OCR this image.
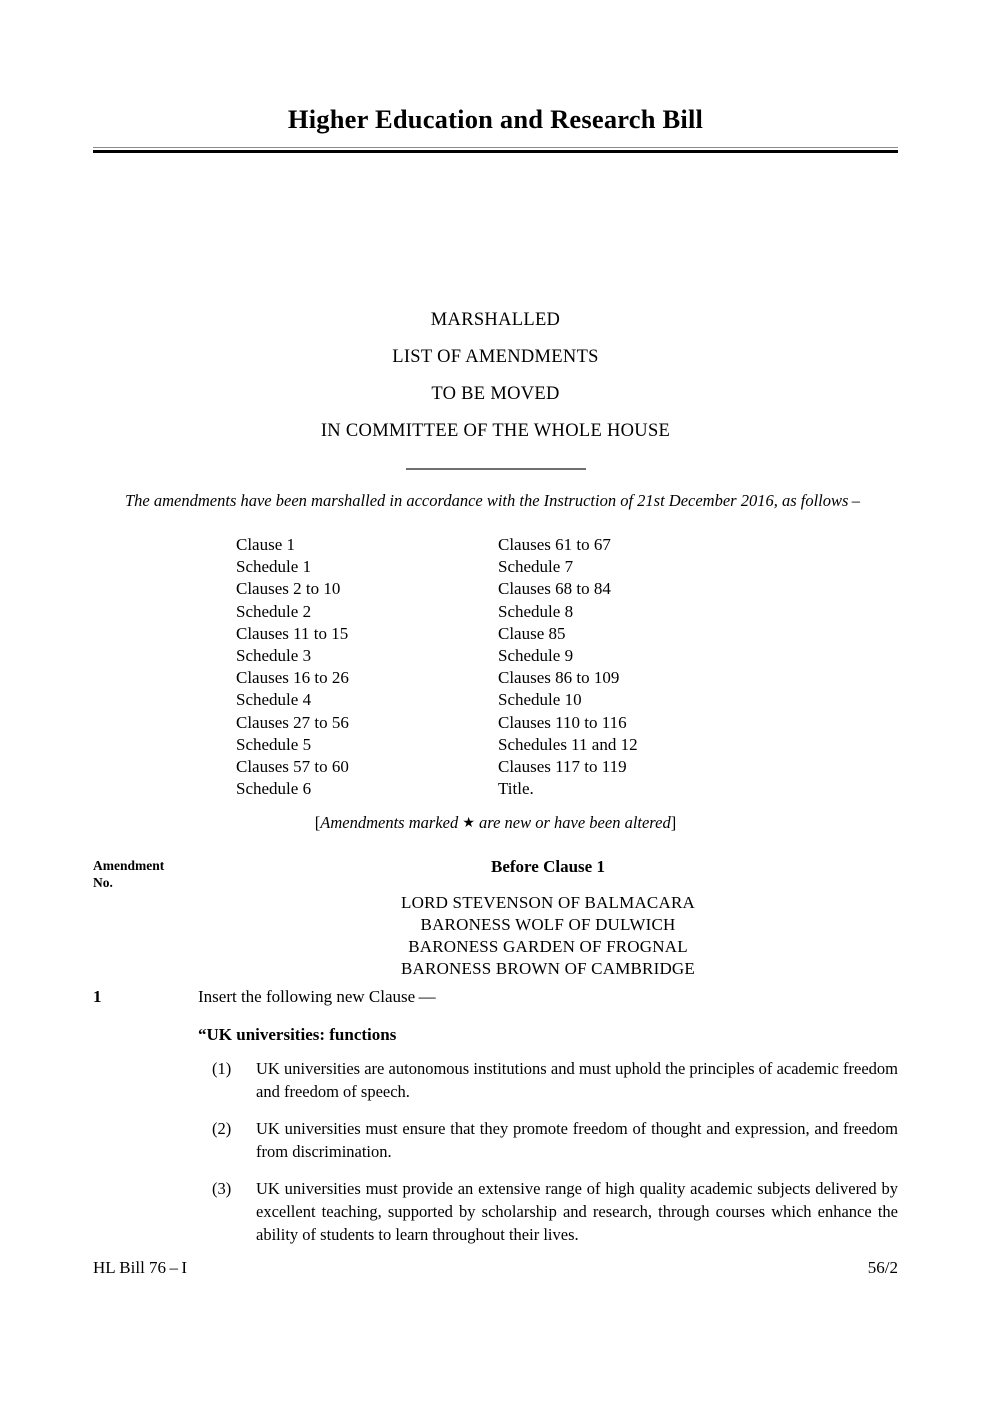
Higher Education and Research Bill
MARSHALLED
LIST OF AMENDMENTS
TO BE MOVED
IN COMMITTEE OF THE WHOLE HOUSE
The amendments have been marshalled in accordance with the Instruction of 21st December 2016, as follows –
Clause 1
Schedule 1
Clauses 2 to 10
Schedule 2
Clauses 11 to 15
Schedule 3
Clauses 16 to 26
Schedule 4
Clauses 27 to 56
Schedule 5
Clauses 57 to 60
Schedule 6
Clauses 61 to 67
Schedule 7
Clauses 68 to 84
Schedule 8
Clause 85
Schedule 9
Clauses 86 to 109
Schedule 10
Clauses 110 to 116
Schedules 11 and 12
Clauses 117 to 119
Title.
[Amendments marked ★ are new or have been altered]
Amendment
No.
Before Clause 1
LORD STEVENSON OF BALMACARA
BARONESS WOLF OF DULWICH
BARONESS GARDEN OF FROGNAL
BARONESS BROWN OF CAMBRIDGE
1	Insert the following new Clause —
“UK universities: functions
(1)	UK universities are autonomous institutions and must uphold the principles of academic freedom and freedom of speech.
(2)	UK universities must ensure that they promote freedom of thought and expression, and freedom from discrimination.
(3)	UK universities must provide an extensive range of high quality academic subjects delivered by excellent teaching, supported by scholarship and research, through courses which enhance the ability of students to learn throughout their lives.
HL Bill 76 – I	56/2
